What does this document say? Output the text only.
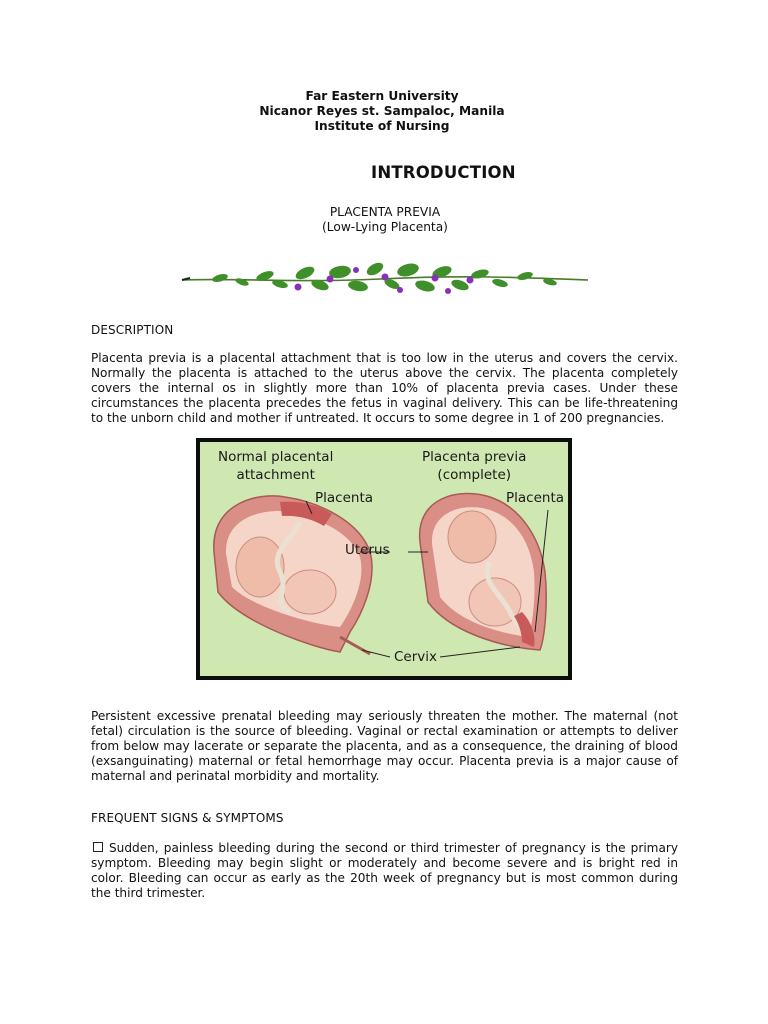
Far Eastern University
Nicanor Reyes st. Sampaloc, Manila
Institute of Nursing
INTRODUCTION
PLACENTA PREVIA
(Low-Lying Placenta)
DESCRIPTION
Placenta previa is a placental attachment that is too low in the uterus and covers the cervix. Normally the placenta is attached to the uterus above the cervix. The placenta completely covers the internal os in slightly more than 10% of placenta previa cases. Under these circumstances the placenta precedes the fetus in vaginal delivery. This can be life-threatening to the unborn child and mother if untreated. It occurs to some degree in 1 of 200 pregnancies.
Normal placental
attachment
Placenta previa
(complete)
Placenta	Placenta
Uterus
Cervix
Persistent excessive prenatal bleeding may seriously threaten the mother. The maternal (not fetal) circulation is the source of bleeding. Vaginal or rectal examination or attempts to deliver from below may lacerate or separate the placenta, and as a consequence, the draining of blood (exsanguinating) maternal or fetal hemorrhage may occur. Placenta previa is a major cause of maternal and perinatal morbidity and mortality.
FREQUENT SIGNS & SYMPTOMS
Sudden, painless bleeding during the second or third trimester of pregnancy is the primary symptom. Bleeding may begin slight or moderately and become severe and is bright red in color. Bleeding can occur as early as the 20th week of pregnancy but is most common during the third trimester.
